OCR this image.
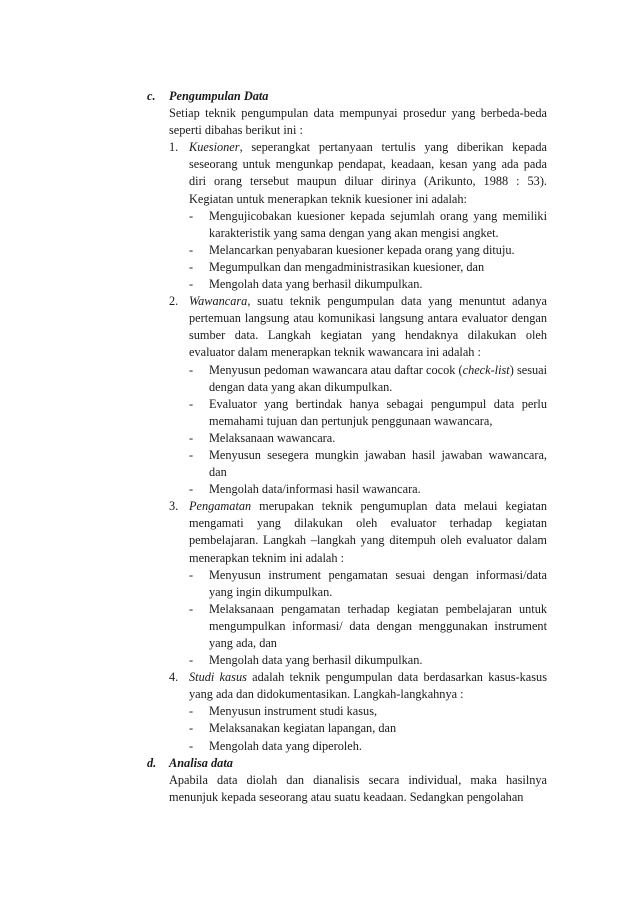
c. Pengumpulan Data
Setiap teknik pengumpulan data mempunyai prosedur yang berbeda-beda seperti dibahas berikut ini :
1. Kuesioner, seperangkat pertanyaan tertulis yang diberikan kepada seseorang untuk mengunkap pendapat, keadaan, kesan yang ada pada diri orang tersebut maupun diluar dirinya (Arikunto, 1988 : 53). Kegiatan untuk menerapkan teknik kuesioner ini adalah:
- Mengujicobakan kuesioner kepada sejumlah orang yang memiliki karakteristik yang sama dengan yang akan mengisi angket.
- Melancarkan penyabaran kuesioner kepada orang yang dituju.
- Megumpulkan dan mengadministrasikan kuesioner, dan
- Mengolah data yang berhasil dikumpulkan.
2. Wawancara, suatu teknik pengumpulan data yang menuntut adanya pertemuan langsung atau komunikasi langsung antara evaluator dengan sumber data. Langkah kegiatan yang hendaknya dilakukan oleh evaluator dalam menerapkan teknik wawancara ini adalah :
- Menyusun pedoman wawancara atau daftar cocok (check-list) sesuai dengan data yang akan dikumpulkan.
- Evaluator yang bertindak hanya sebagai pengumpul data perlu memahami tujuan dan pertunjuk penggunaan wawancara,
- Melaksanaan wawancara.
- Menyusun sesegera mungkin jawaban hasil jawaban wawancara, dan
- Mengolah data/informasi hasil wawancara.
3. Pengamatan merupakan teknik pengumuplan data melaui kegiatan mengamati yang dilakukan oleh evaluator terhadap kegiatan pembelajaran. Langkah –langkah yang ditempuh oleh evaluator dalam menerapkan teknim ini adalah :
- Menyusun instrument pengamatan sesuai dengan informasi/data yang ingin dikumpulkan.
- Melaksanaan pengamatan terhadap kegiatan pembelajaran untuk mengumpulkan informasi/ data dengan menggunakan instrument yang ada, dan
- Mengolah data yang berhasil dikumpulkan.
4. Studi kasus adalah teknik pengumpulan data berdasarkan kasus-kasus yang ada dan didokumentasikan. Langkah-langkahnya :
- Menyusun instrument studi kasus,
- Melaksanakan kegiatan lapangan, dan
- Mengolah data yang diperoleh.
d. Analisa data
Apabila data diolah dan dianalisis secara individual, maka hasilnya menunjuk kepada seseorang atau suatu keadaan. Sedangkan pengolahan
